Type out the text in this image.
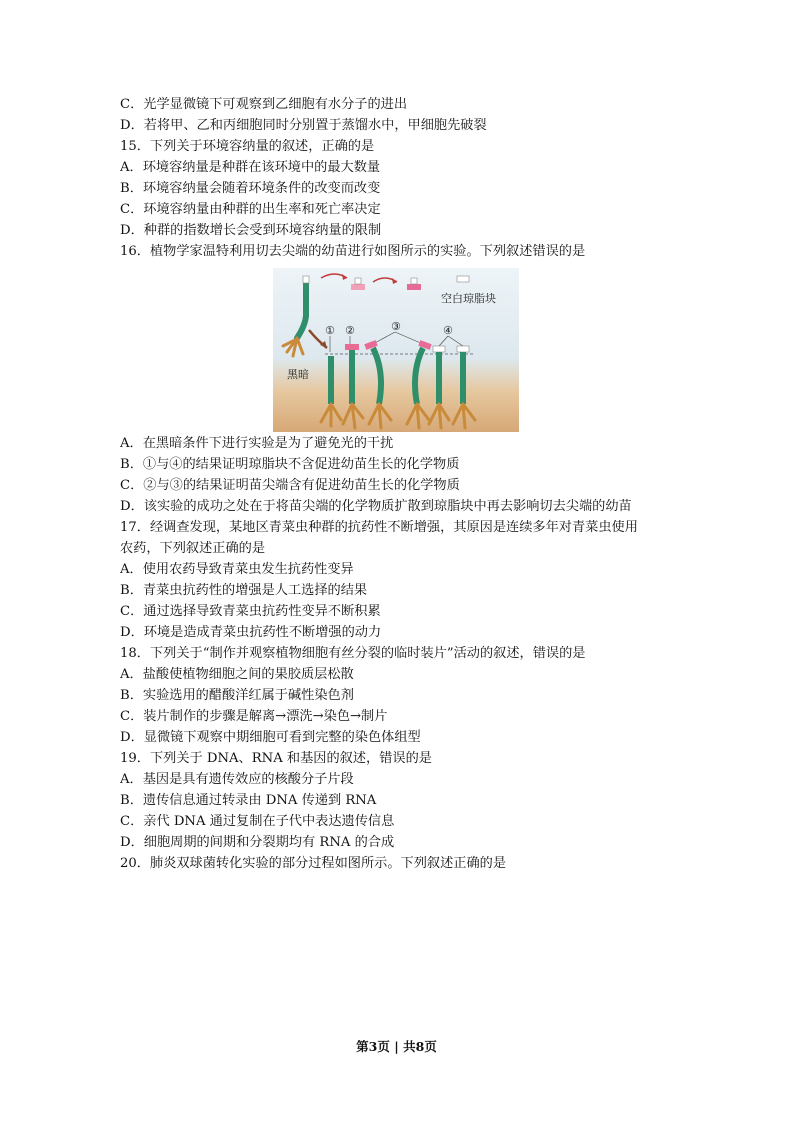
C．光学显微镜下可观察到乙细胞有水分子的进出
D．若将甲、乙和丙细胞同时分别置于蒸馏水中，甲细胞先破裂
15．下列关于环境容纳量的叙述，正确的是
A．环境容纳量是种群在该环境中的最大数量
B．环境容纳量会随着环境条件的改变而改变
C．环境容纳量由种群的出生率和死亡率决定
D．种群的指数增长会受到环境容纳量的限制
16．植物学家温特利用切去尖端的幼苗进行如图所示的实验。下列叙述错误的是
空白琼脂块
① ②	③	④
黑暗
A．在黑暗条件下进行实验是为了避免光的干扰
B．①与④的结果证明琼脂块不含促进幼苗生长的化学物质
C．②与③的结果证明苗尖端含有促进幼苗生长的化学物质
D．该实验的成功之处在于将苗尖端的化学物质扩散到琼脂块中再去影响切去尖端的幼苗
17．经调查发现，某地区青菜虫种群的抗药性不断增强，其原因是连续多年对青菜虫使用
农药，下列叙述正确的是
A．使用农药导致青菜虫发生抗药性变异
B．青菜虫抗药性的增强是人工选择的结果
C．通过选择导致青菜虫抗药性变异不断积累
D．环境是造成青菜虫抗药性不断增强的动力
18．下列关于“制作并观察植物细胞有丝分裂的临时装片”活动的叙述，错误的是
A．盐酸使植物细胞之间的果胶质层松散
B．实验选用的醋酸洋红属于碱性染色剂
C．装片制作的步骤是解离→漂洗→染色→制片
D．显微镜下观察中期细胞可看到完整的染色体组型
19．下列关于 DNA、RNA 和基因的叙述，错误的是
A．基因是具有遗传效应的核酸分子片段
B．遗传信息通过转录由 DNA 传递到 RNA
C．亲代 DNA 通过复制在子代中表达遗传信息
D．细胞周期的间期和分裂期均有 RNA 的合成
20．肺炎双球菌转化实验的部分过程如图所示。下列叙述正确的是
第3页 | 共8页
